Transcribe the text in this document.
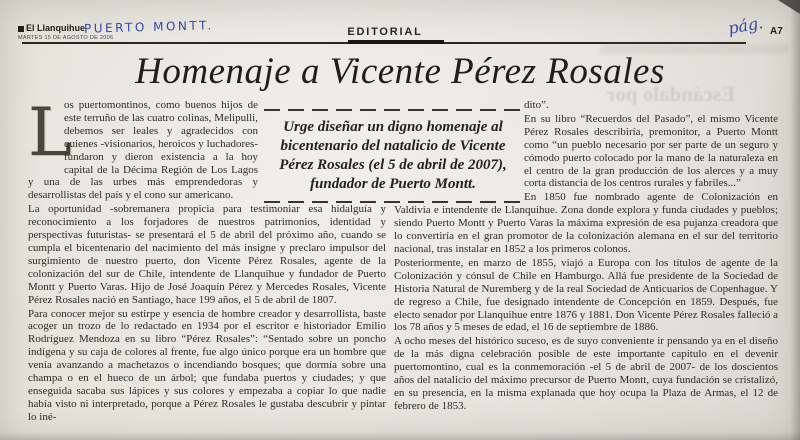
El Llanquihue
MARTES 15 DE AGOSTO DE 2006
PUERTO MONTT.	EDITORIAL	pág. A7
Escándalo por
Homenaje a Vicente Pérez Rosales
Urge diseñar un digno homenaje al bicentenario del natalicio de Vicente Pérez Rosales (el 5 de abril de 2007), fundador de Puerto Montt.

L
os puertomontinos, como buenos hijos de este terruño de las cuatro colinas, Melipulli, debemos ser leales y agradecidos con quienes -visionarios, heroicos y luchadores- fundaron y dieron existencia a la hoy capital de la Décima Región de Los Lagos y una de las urbes más emprendedoras y desarrollistas del país y el cono sur americano.

La oportunidad -sobremanera propicia para testimoniar esa hidalguía y reconocimiento a los forjadores de nuestros patrimonios, identidad y perspectivas futuristas- se presentará el 5 de abril del próximo año, cuando se cumpla el bicentenario del nacimiento del más insigne y preclaro impulsor del surgimiento de nuestro puerto, don Vicente Pérez Rosales, agente de la colonización del sur de Chile, intendente de Llanquihue y fundador de Puerto Montt y Puerto Varas. Hijo de José Joaquín Pérez y Mercedes Rosales, Vicente Pérez Rosales nació en Santiago, hace 199 años, el 5 de abril de 1807.

Para conocer mejor su estirpe y esencia de hombre creador y desarrollista, baste acoger un trozo de lo redactado en 1934 por el escritor e historiador Emilio Rodríguez Mendoza en su libro “Pérez Rosales”: “Sentado sobre un poncho indígena y su caja de colores al frente, fue algo único porque era un hombre que venía avanzando a machetazos o incendiando bosques; que dormía sobre una champa o en el hueco de un árbol; que fundaba puertos y ciudades; y que enseguida sacaba sus lápices y sus colores y empezaba a copiar lo que nadie había visto ni interpretado, porque a Pérez Rosales le gustaba descubrir y pintar lo iné-

dito”.

En su libro “Recuerdos del Pasado”, el mismo Vicente Pérez Rosales describiría, premonitor, a Puerto Montt como “un pueblo necesario por ser parte de un seguro y cómodo puerto colocado por la mano de la naturaleza en el centro de la gran producción de los alerces y a muy corta distancia de los centros rurales y fabriles...”

En 1850 fue nombrado agente de Colonización en Valdivia e intendente de Llanquihue. Zona donde explora y funda ciudades y pueblos; siendo Puerto Montt y Puerto Varas la máxima expresión de esa pujanza creadora que lo convertiría en el gran promotor de la colonización alemana en el sur del territorio nacional, tras instalar en 1852 a los primeros colonos.

Posteriormente, en marzo de 1855, viajó a Europa con los títulos de agente de la Colonización y cónsul de Chile en Hamburgo. Allá fue presidente de la Sociedad de Historia Natural de Nuremberg y de la real Sociedad de Anticuarios de Copenhague. Y de regreso a Chile, fue designado intendente de Concepción en 1859. Después, fue electo senador por Llanquihue entre 1876 y 1881. Don Vicente Pérez Rosales falleció a los 78 años y 5 meses de edad, el 16 de septiembre de 1886.

A ocho meses del histórico suceso, es de suyo conveniente ir pensando ya en el diseño de la más digna celebración posible de este importante capítulo en el devenir puertomontino, cual es la conmemoración -el 5 de abril de 2007- de los doscientos años del natalicio del máximo precursor de Puerto Montt, cuya fundación se cristalizó, en su presencia, en la misma explanada que hoy ocupa la Plaza de Armas, el 12 de febrero de 1853.
